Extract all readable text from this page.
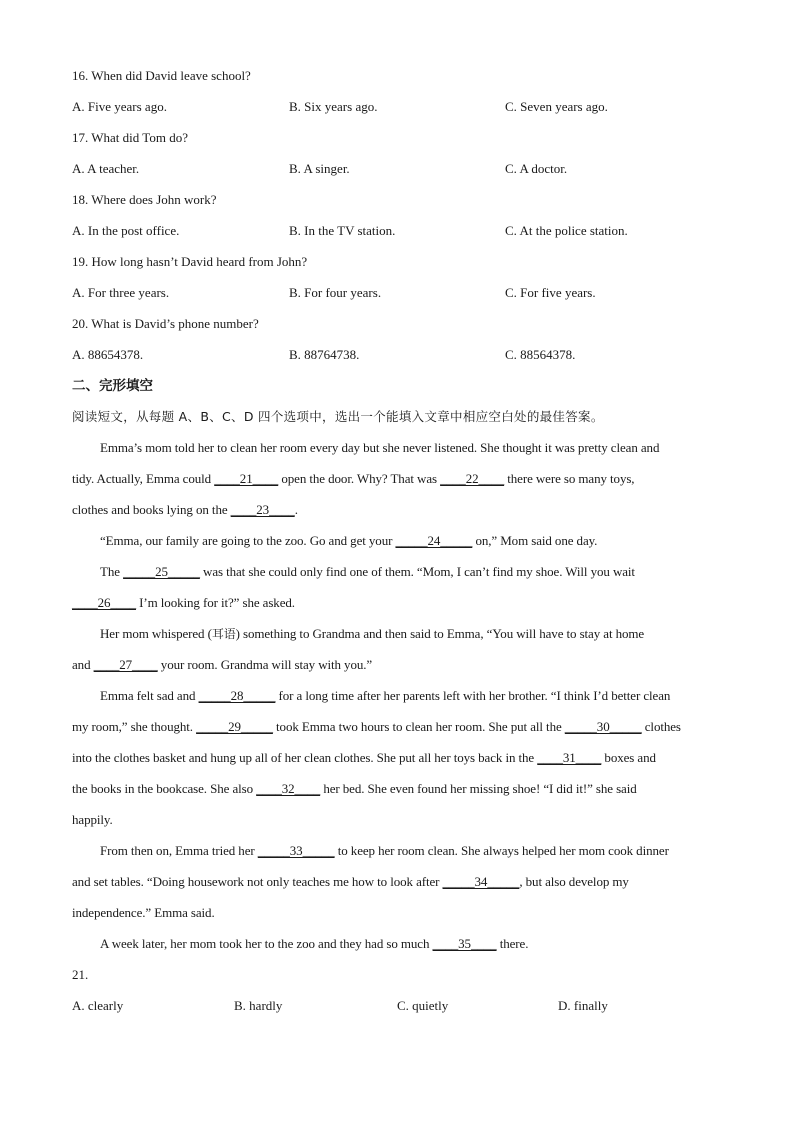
16. When did David leave school?
A. Five years ago.	B. Six years ago.	C. Seven years ago.
17. What did Tom do?
A. A teacher.	B. A singer.	C. A doctor.
18. Where does John work?
A. In the post office.	B. In the TV station.	C. At the police station.
19. How long hasn’t David heard from John?
A. For three years.	B. For four years.	C. For five years.
20. What is David’s phone number?
A. 88654378.	B. 88764738.	C. 88564378.
二、完形填空
阅读短文，从每题 A、B、C、D 四个选项中，选出一个能填入文章中相应空白处的最佳答案。
Emma’s mom told her to clean her room every day but she never listened. She thought it was pretty clean and
tidy. Actually, Emma could ____21____ open the door. Why? That was ____22____ there were so many toys,
clothes and books lying on the ____23____.
“Emma, our family are going to the zoo. Go and get your _____24_____ on,” Mom said one day.
The _____25_____ was that she could only find one of them. “Mom, I can’t find my shoe. Will you wait
____26____ I’m looking for it?” she asked.
Her mom whispered (耳语) something to Grandma and then said to Emma, “You will have to stay at home
and ____27____ your room. Grandma will stay with you.”
Emma felt sad and _____28_____ for a long time after her parents left with her brother. “I think I’d better clean
my room,” she thought. _____29_____ took Emma two hours to clean her room. She put all the _____30_____ clothes
into the clothes basket and hung up all of her clean clothes. She put all her toys back in the ____31____ boxes and
the books in the bookcase. She also ____32____ her bed. She even found her missing shoe! “I did it!” she said
happily.
From then on, Emma tried her _____33_____ to keep her room clean. She always helped her mom cook dinner
and set tables. “Doing housework not only teaches me how to look after _____34_____, but also develop my
independence.” Emma said.
A week later, her mom took her to the zoo and they had so much ____35____ there.
21.
A. clearly	B. hardly	C. quietly	D. finally
